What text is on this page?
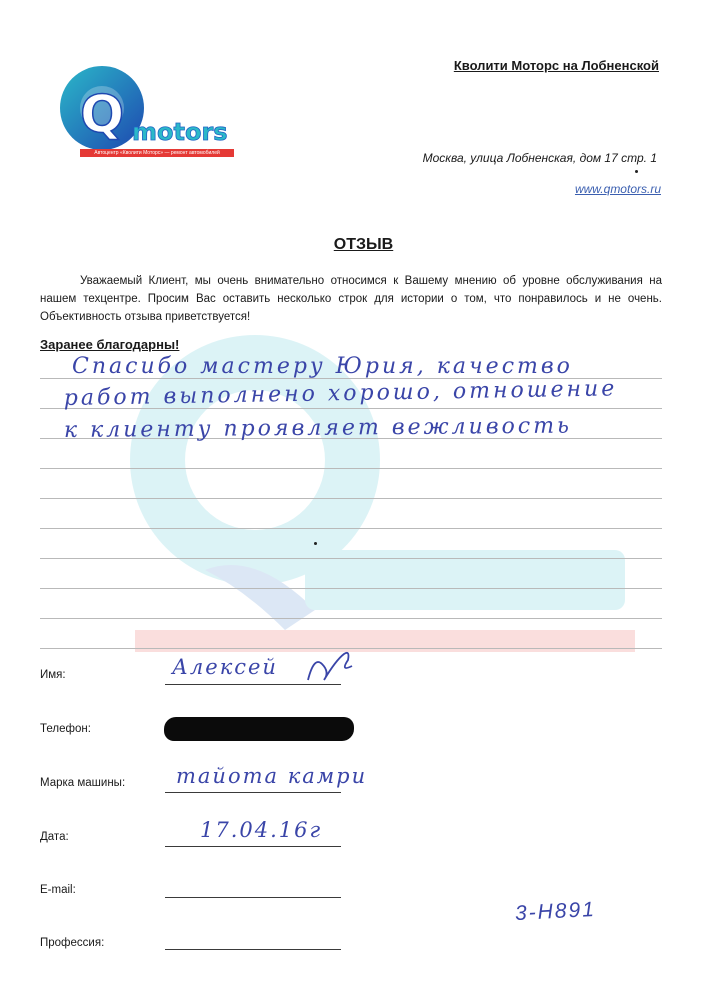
Q motors
Автоцентр «Кволити Моторс» — ремонт автомобилей
Кволити Моторс на Лобненской
Москва, улица Лобненская, дом 17 стр. 1
www.qmotors.ru
ОТЗЫВ
Уважаемый Клиент, мы очень внимательно относимся к Вашему мнению об уровне обслуживания на нашем техцентре. Просим Вас оставить несколько строк для истории о том, что понравилось и не очень. Объективность отзыва приветствуется!
Заранее благодарны!
Спасибо мастеру Юрия, качество
работ выполнено хорошо, отношение
к клиенту проявляет вежливость
Имя:	Алексей
Телефон:
Марка машины: тайота камри
Дата:	17.04.16г
E-mail:
Профессия:
3-Н891
